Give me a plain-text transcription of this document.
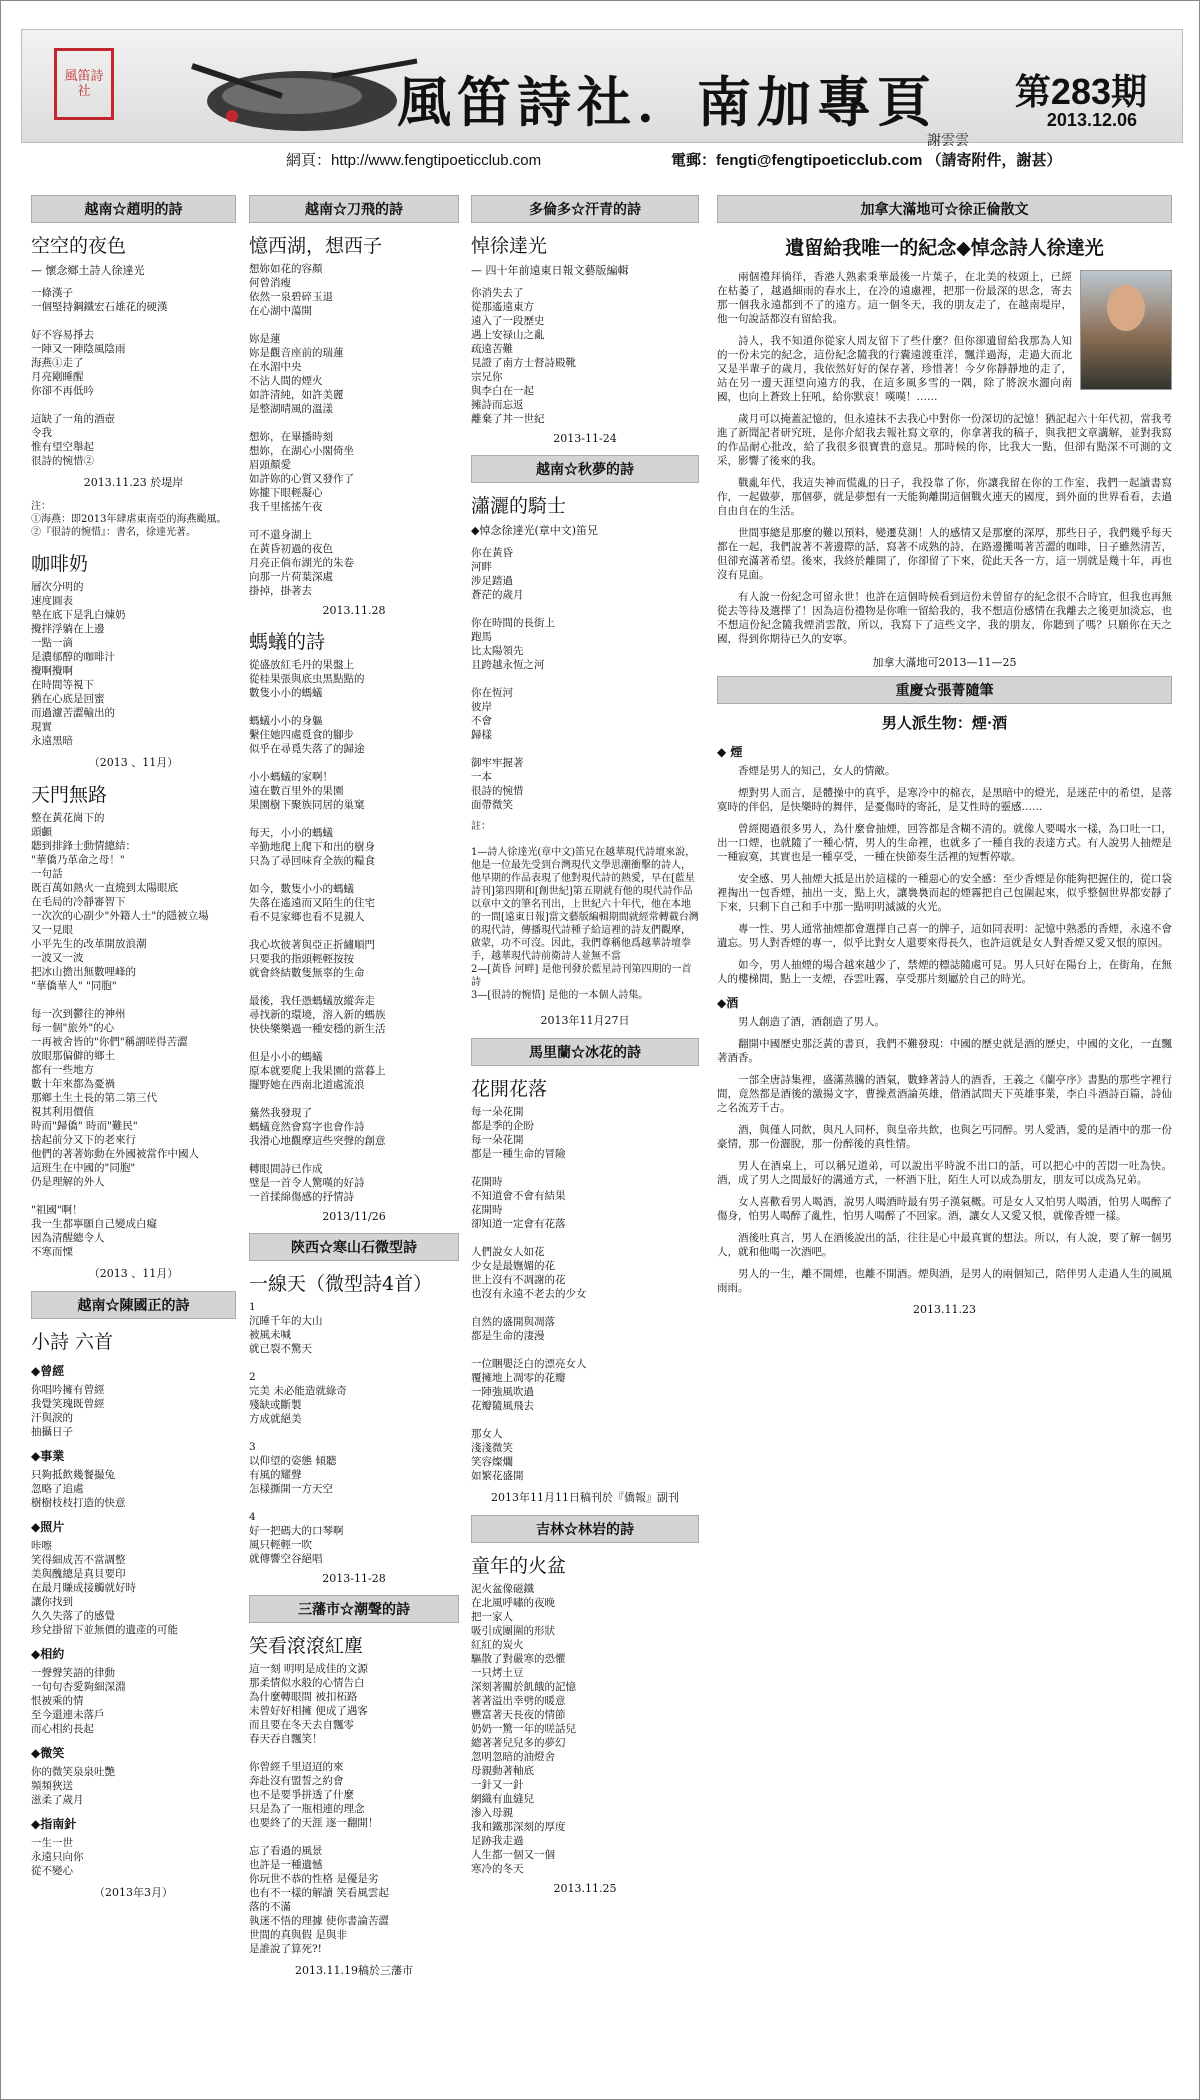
風笛詩社	風笛詩社．南加專頁
謝雲雲
第283期
2013.12.06
網頁：http://www.fengtipoeticclub.com	電郵：fengti@fengtipoeticclub.com （請寄附件，謝甚）
越南☆趙明的詩
空空的夜色
— 懷念鄉土詩人徐達光
一條漢子
一個堅持鋼鐵宏石雄花的硬漢

好不容易掙去
一陣又一陣陰風陰雨
海燕①走了
月亮剛睡醒
你卻不再低吟

這缺了一角的酒壺
令我
惟有望空舉起
很詩的惋惜②
2013.11.23 於堤岸
注：
①海燕：即2013年肆虐東南亞的海燕颱風。
②『很詩的惋惜』：書名，徐達光著。
咖啡奶
層次分明的
速度圓表
墊在底下是乳白煉奶
攪拌浮躺在上邊
一點一滴
是濃郁醇的咖啡汁
攪啊攪啊
在時間等視下
猶在心底是回蜜
而過濾苦澀輸出的
現實
永遠黑暗
（2013 、11月）
天門無路
整在黃花崗下的
頭顱
聽到排鋒士動情總結：
"華僑乃革命之母！"
一句話
既百萬如熱火一直燒到太陽眼底
在毛局的冷靜審智下
一次次的心副少"外籍人士"的隱被立場
又一見眼
小平先生的改革開放浪潮
一波又一波
把冰山擔出無數哩峰的
"華僑華人" "同胞"

每一次到鬱往的神州
每一個"旅外"的心
一再被舍皆的"你們"稱謂嗟得苦澀
放眼那偏僻的鄉土
都有一些地方
數十年來都為憂禍
那鄉土生土長的第二第三代
視其利用價值
時而"歸僑" 時而"難民"
捨起前分又下的老來行
他們的著著妳動在外國被當作中國人
這班生在中國的"同胞"
仍是理解的外人

"祖國"啊！
我一生都寧願自己變成白癡
因為清醒總令人
不寒而慄
（2013 、11月）
越南☆陳國正的詩
小詩 六首
◆曾經
你唱吟擁有曾經
我覺笑瑰既曾經
汗與淚的
抽攝日子
◆事業
只夠抵飲幾餐撮兔
忽略了追處
樹樹枝枝打造的快意
◆照片
咔嚓
笑得細成苦不當調整
美與醜總是真貝要印
在最月賺成接觸就好時
讓你找到
久久失落了的感覺
珍兌掛留下並無價的遺產的可能
◆相約
一聲聲笑語的律動
一句句杏愛夠細深淵
恨被乘的情
至今還連未落戶
而心相約長起
◆微笑
你的微笑泉泉吐艷
頻頻狹送
滋柔了歲月
◆指南針
一生一世
永遠只向你
從不變心
（2013年3月）
越南☆刀飛的詩
憶西湖，想西子
想妳如花的容顏
何曾消瘦
依然一泉碧碎玉退
在心湖中蕩開

妳是蓮
妳是觀音座前的瑞蓮
在水湄中央
不沾人間的煙火
如許清純，如許美麗
是整湖晴風的溫漾

想妳，在畢播時刻
想妳，在湖心小閣倚坐
眉頭顏愛
如許妳的心質又發作了
妳攏下眼輕凝心
我千里搖搖午夜

可不還身湖上
在黃昏初過的夜色
月亮正倘布湖光的朱卷
向那一片荷葉深處
掛掉，掛著去
2013.11.28
螞蟻的詩
從盛放紅毛丹的果盤上
從桂果張與底虫黑點點的
數隻小小的螞蟻

螞蟻小小的身軀
繫住她四處覓食的腳步
似乎在尋覓失落了的歸途

小小螞蟻的家啊！
遠在數百里外的果園
果園樹下聚族同居的巢窠

每天，小小的螞蟻
辛勤地爬上爬下和出的樹身
只為了尋回味育全族的糧食

如今，數隻小小的螞蟻
失落在遙遠而又陌生的住宅
看不見家鄉也看不見親人

我心坎彼著與亞正折繡順門
只要我的指頭輕輕按按
就會終結數隻無辜的生命

最後，我任憑螞蟻放縱奔走
尋找新的環境，溶入新的螞族
快快樂樂過一種安穩的新生活

但是小小的螞蟻
原本就要爬上我果園的當暮上
擺野她在西南北道處流浪

驀然我發現了
螞蟻竟然會寫字也會作詩
我滑心地觀摩這些突聲的創意

轉眼間詩已作成
璧是一首令人驚嘆的好詩
一首揉綿傷感的抒情詩
2013/11/26
陝西☆寒山石微型詩
一線天（微型詩4首）
1
沉睡千年的大山
被風未喊
就已裂不驚天

2
完美 未必能造就綠奇
殘缺或斷製
方成就絕美

3
以仰望的姿態 傾聽
有風的耀聲
怎樣撕開一方天空

4
好一把碼大的口琴啊
風只輕輕一吹
就傳響空谷絕唱
2013-11-28
三藩市☆潮聲的詩
笑看滾滾紅塵
這一刻 明明是成佳的文源
那柔情似水般的心情告白
為什麼轉眼間 被扣柘路
未曾好好相擁 便成了遇客
而且要在冬天去自飄零
春天吞自飄笑！

你曾經千里迢迢的來
奔赴沒有盟誓之約會
也不是要爭拼透了什麼
只是為了一瓶相連的理念
也要終了的天涯 逐一翻開！

忘了看過的風景
也許是一種遺憾
你玩世不恭的性格 是優是劣
也有不一樣的解讀 笑看風雲起
落的不滿
執迷不悟的理據 使你書論苦澀
世間的真與假 是與非
是誰說了算死?!
2013.11.19稿於三藩市
多倫多☆汗青的詩
悼徐達光
— 四十年前遠東日報文藝版編輯
你消失去了
從那遙遠東方
遠入了一段歷史
遇上安禄山之亂
疏遠苦難
見證了南方士督詩殿靴
宗兄你
與李白在一起
擁詩而忘返
離棄了丼一世紀
2013-11-24
越南☆秋夢的詩
瀟灑的騎士
◆悼念徐達光(章中文)笛兄
你在黃昏
河畔
涉足踏過
蒼茫的歲月

你在時間的長街上
跑馬
比太陽領先
且跨越永恆之河

你在恆河
彼岸
不會
歸樣

御牢牢握著
一本
很詩的惋惜
面帶微笑
註：

1—詩人徐達光(章中文)笛兄在越華現代詩壇來說，他是一位最先受到台灣現代文學思潮衝擊的詩人，他早期的作品表現了他對現代詩的熱愛，早在[藍星詩刊]第四期和[創世紀]第五期就有他的現代詩作品以章中文的筆名刊出，上世紀六十年代，他在本地的一間[遠東日報]當文藝版編輯期間就經常轉載台灣的現代詩，傳播現代詩種子給這裡的詩友們觀摩，啟蒙，功不可沒。因此，我們尊稱他爲越華詩壇拳手，越華現代詩前衛詩人並無不當
2—[黃昏 河畔] 是他刊發於藍星詩刊第四期的一首詩
3—[很詩的惋惜] 是他的一本個人詩集。
2013年11月27日
馬里蘭☆冰花的詩
花開花落
每一朵花開
都是季的企盼
每一朵花開
都是一種生命的冒險

花開時
不知道會不會有結果
花開時
卻知道一定會有花落

人們說女人如花
少女是最嫵媚的花
世上沒有不凋謝的花
也沒有永遠不老去的少女

自然的盛開與凋落
都是生命的淒漫

一位睏嬰泛白的漂亮女人
覆擁地上凋零的花瓣
一陣強風吹過
花瓣隨風飛去

那女人
淺淺微笑
笑容燦爛
如繁花盛開
2013年11月11日稿刊於『僑報』副刊
吉林☆林岩的詩
童年的火盆
泥火盆像磁鐵
在北風呼嘯的夜晚
把一家人
吸引成團圍的形狀
紅紅的炭火
驅散了對嚴寒的恐懼
一只烤土豆
深刻著關於飢餓的記憶
著著溢出幸劈的暖意
豐富著天長夜的情節
奶奶一驚一年的嗟話兒
總著著兒兒多的夢幻
忽明忽暗的油燈舍
母親動著軸底
一針又一針
網織有血縫兒
渗入母親
我和鐵那深刻的厚度
足跡我走過
人生都一個又一個
寒冷的冬天
2013.11.25
加拿大滿地可☆徐正倫散文
遺留給我唯一的紀念◆悼念詩人徐達光

兩個禮拜徜徉，香港人熟素秉華最後一片葉子，在北美的枝頭上，已經在枯萎了，越過細雨的春水上，在冷的遠慮裡，把那一份最深的思念，寄去那一個我永遠都到不了的遠方。這一個冬天，我的朋友走了，在越南堤岸，他一句說話都沒有留給我。

詩人，我不知道你從家人周友留下了些什麼？但你卻遺留給我那為人知的一份未完的紀念，這份紀念隨我的行囊遠渡重洋，飄洋過海，走過大而北又是半輩子的歲月，我依然好好的保存著，珍惜著！今夕你靜靜地的走了，站在另一邊天涯望向遠方的我，在這多風多雪的一隅，除了將淚水灑向南國，也向上蒼致上狂吼，給你默哀！嘆嘆！……

歲月可以掩蓋記憶的，但永遠抹不去我心中對你一份深切的記憶！猶記起六十年代初，當我考進了新聞記者研究班，是你介紹我去報社寫文章的，你拿著我的稿子，與我把文章講解，並對我寫的作品耐心批改，給了我很多很寶貴的意見。那時候的你，比我大一點，但卻有點深不可測的文采，影響了後來的我。

戰亂年代，我這失神而慌亂的日子，我投靠了你，你讓我留在你的工作室，我們一起讀書寫作，一起做夢，那個夢，就是夢想有一天能夠離開這個戰火連天的國度，到外面的世界看看，去過自由自在的生活。

世間事總是那麼的難以預料，變遷莫測！人的感情又是那麼的深厚，那些日子，我們幾乎每天都在一起，我們說著不著邊際的話，寫著不成熟的詩，在路邊攤喝著苦澀的咖啡，日子雖然清苦，但卻充滿著希望。後來，我終於離開了，你卻留了下來，從此天各一方，這一別就是幾十年，再也沒有見面。

有人說一份紀念可留永世！也許在這個時候看到這份未曾留存的紀念很不合時宜，但我也再無從去等待及選擇了！因為這份禮物是你唯一留給我的，我不想這份感情在我離去之後更加淡忘，也不想這份紀念隨我煙消雲散，所以，我寫下了這些文字，我的朋友，你聽到了嗎？只願你在天之國，得到你期待已久的安寧。

加拿大滿地可2013—11—25
重慶☆張菁隨筆
男人派生物：煙·酒
◆ 煙

香煙是男人的知己，女人的情敵。

煙對男人而言，是體操中的真乎，是寒冷中的棉衣，是黑暗中的燈光，是迷茫中的希望，是落寞時的伴侶，是快樂時的舞伴，是憂傷時的寄託，是艾性時的靈感……

曾經閱過很多男人，為什麼會抽煙，回答都是含糊不清的。就像人要喝水一樣，為口吐一口，出一口煙，也就隨了一種心情，男人的生命裡，也就多了一種自我的表達方式。有人說男人抽煙是一種寂寞，其實也是一種享受，一種在快節奏生活裡的短暫停歇。

安全感、男人抽煙大抵是出於這樣的一種惡心的安全感：至少香煙是你能夠把握住的，從口袋裡掏出一包香煙，抽出一支，點上火，讓裊裊而起的煙霧把自己包圍起來，似乎整個世界都安靜了下來，只剩下自己和手中那一點明明滅滅的火光。

專一性、男人通常抽煙都會選擇自己喜一的牌子，這如同表明：記憶中熟悉的香煙，永遠不會遺忘。男人對香煙的專一，似乎比對女人還要來得長久，也許這就是女人對香煙又愛又恨的原因。

如今，男人抽煙的場合越來越少了，禁煙的標誌隨處可見。男人只好在陽台上，在街角，在無人的樓梯間，點上一支煙，吞雲吐霧，享受那片刻屬於自己的時光。

◆酒

男人創造了酒，酒創造了男人。

翻開中國歷史那泛黃的書頁，我們不難發現：中國的歷史就是酒的歷史，中國的文化，一直飄著酒香。

一部全唐詩集裡，盛滿蒸騰的酒氣，數蜂著詩人的酒香，王義之《蘭亭序》書點的那些字裡行間，竟然都是酒後的激揚文字，曹操煮酒論英雄，借酒試問天下英雄事業，李白斗酒詩百篇，詩仙之名流芳千古。

酒，與僅人同飲，與凡人同杯，與皇帝共飲，也與乞丐同醉。男人愛酒，愛的是酒中的那一份豪情，那一份灑脫，那一份醉後的真性情。

男人在酒桌上，可以稱兄道弟，可以說出平時說不出口的話，可以把心中的苦悶一吐為快。酒，成了男人之間最好的溝通方式，一杯酒下肚，陌生人可以成為朋友，朋友可以成為兄弟。

女人喜歡看男人喝酒，說男人喝酒時最有男子漢氣概。可是女人又怕男人喝酒，怕男人喝醉了傷身，怕男人喝醉了亂性，怕男人喝醉了不回家。酒，讓女人又愛又恨，就像香煙一樣。

酒後吐真言，男人在酒後說出的話，往往是心中最真實的想法。所以，有人說，要了解一個男人，就和他喝一次酒吧。

男人的一生，離不開煙，也離不開酒。煙與酒，是男人的兩個知己，陪伴男人走過人生的風風雨雨。

2013.11.23
